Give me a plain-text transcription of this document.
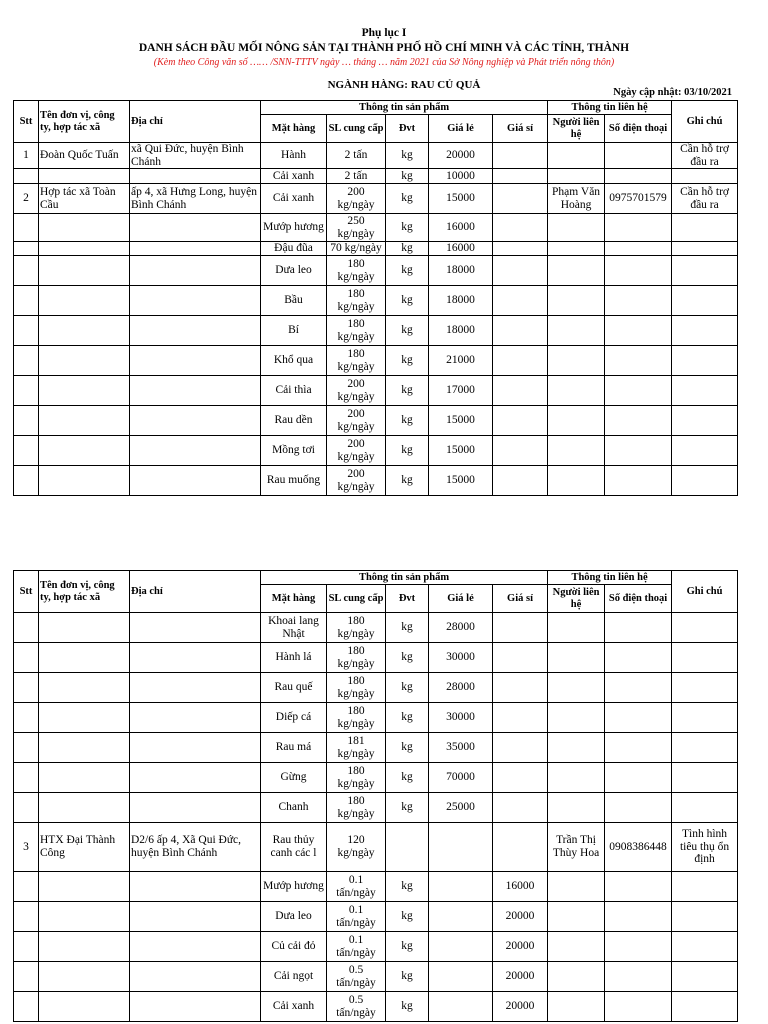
Phụ lục I
DANH SÁCH ĐẦU MỐI NÔNG SẢN TẠI THÀNH PHỐ HỒ CHÍ MINH VÀ CÁC TỈNH, THÀNH
(Kèm theo Công văn số …… /SNN-TTTV ngày … tháng … năm 2021 của Sở Nông nghiệp và Phát triển nông thôn)
NGÀNH HÀNG: RAU CỦ QUẢ
Ngày cập nhật: 03/10/2021
Stt	Tên đơn vị, công ty, hợp tác xã	Địa chỉ	Thông tin sản phẩm					Thông tin liên hệ		Ghi chú
			Mặt hàng	SL cung cấp	Đvt	Giá lẻ	Giá sỉ	Người liên hệ	Số điện thoại	
1	Đoàn Quốc Tuấn	xã Qui Đức, huyện Bình Chánh	Hành	2 tấn	kg	20000				Cần hỗ trợ đầu ra
			Cải xanh	2 tấn	kg	10000				
2	Hợp tác xã Toàn Cầu	ấp 4, xã Hưng Long, huyện Bình Chánh	Cải xanh	200 kg/ngày	kg	15000		Phạm Văn Hoàng	0975701579	Cần hỗ trợ đầu ra
			Mướp hương	250 kg/ngày	kg	16000				
			Đậu đũa	70 kg/ngày	kg	16000				
			Dưa leo	180 kg/ngày	kg	18000				
			Bầu	180 kg/ngày	kg	18000				
			Bí	180 kg/ngày	kg	18000				
			Khổ qua	180 kg/ngày	kg	21000				
			Cải thìa	200 kg/ngày	kg	17000				
			Rau dền	200 kg/ngày	kg	15000				
			Mồng tơi	200 kg/ngày	kg	15000				
			Rau muống	200 kg/ngày	kg	15000				
Stt	Tên đơn vị, công ty, hợp tác xã	Địa chỉ	Thông tin sản phẩm					Thông tin liên hệ		Ghi chú
			Mặt hàng	SL cung cấp	Đvt	Giá lẻ	Giá sỉ	Người liên hệ	Số điện thoại	
			Khoai lang Nhật	180 kg/ngày	kg	28000				
			Hành lá	180 kg/ngày	kg	30000				
			Rau quế	180 kg/ngày	kg	28000				
			Diếp cá	180 kg/ngày	kg	30000				
			Rau má	181 kg/ngày	kg	35000				
			Gừng	180 kg/ngày	kg	70000				
			Chanh	180 kg/ngày	kg	25000				
3	HTX Đại Thành Công	D2/6 ấp 4, Xã Qui Đức, huyện Bình Chánh	Rau thủy canh các l	120 kg/ngày				Trần Thị Thùy Hoa	0908386448	Tình hình tiêu thụ ổn định
			Mướp hương	0.1 tấn/ngày	kg		16000			
			Dưa leo	0.1 tấn/ngày	kg		20000			
			Củ cải đỏ	0.1 tấn/ngày	kg		20000			
			Cải ngọt	0.5 tấn/ngày	kg		20000			
			Cải xanh	0.5 tấn/ngày	kg		20000			
